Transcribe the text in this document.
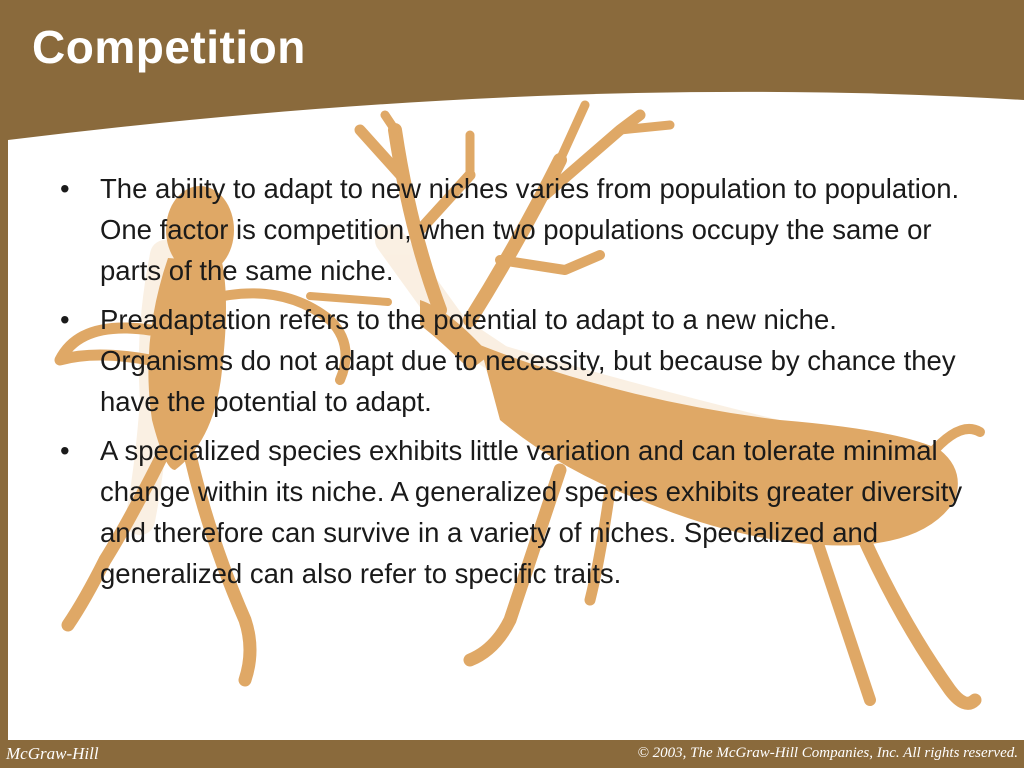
Competition
• The ability to adapt to new niches varies from population to population. One factor is competition, when two populations occupy the same or parts of the same niche.
• Preadaptation refers to the potential to adapt to a new niche. Organisms do not adapt due to necessity, but because by chance they have the potential to adapt.
• A specialized species exhibits little variation and can tolerate minimal change within its niche. A generalized species exhibits greater diversity and therefore can survive in a variety of niches. Specialized and generalized can also refer to specific traits.
1-10
McGraw-Hill	© 2003, The McGraw-Hill Companies, Inc. All rights reserved.
